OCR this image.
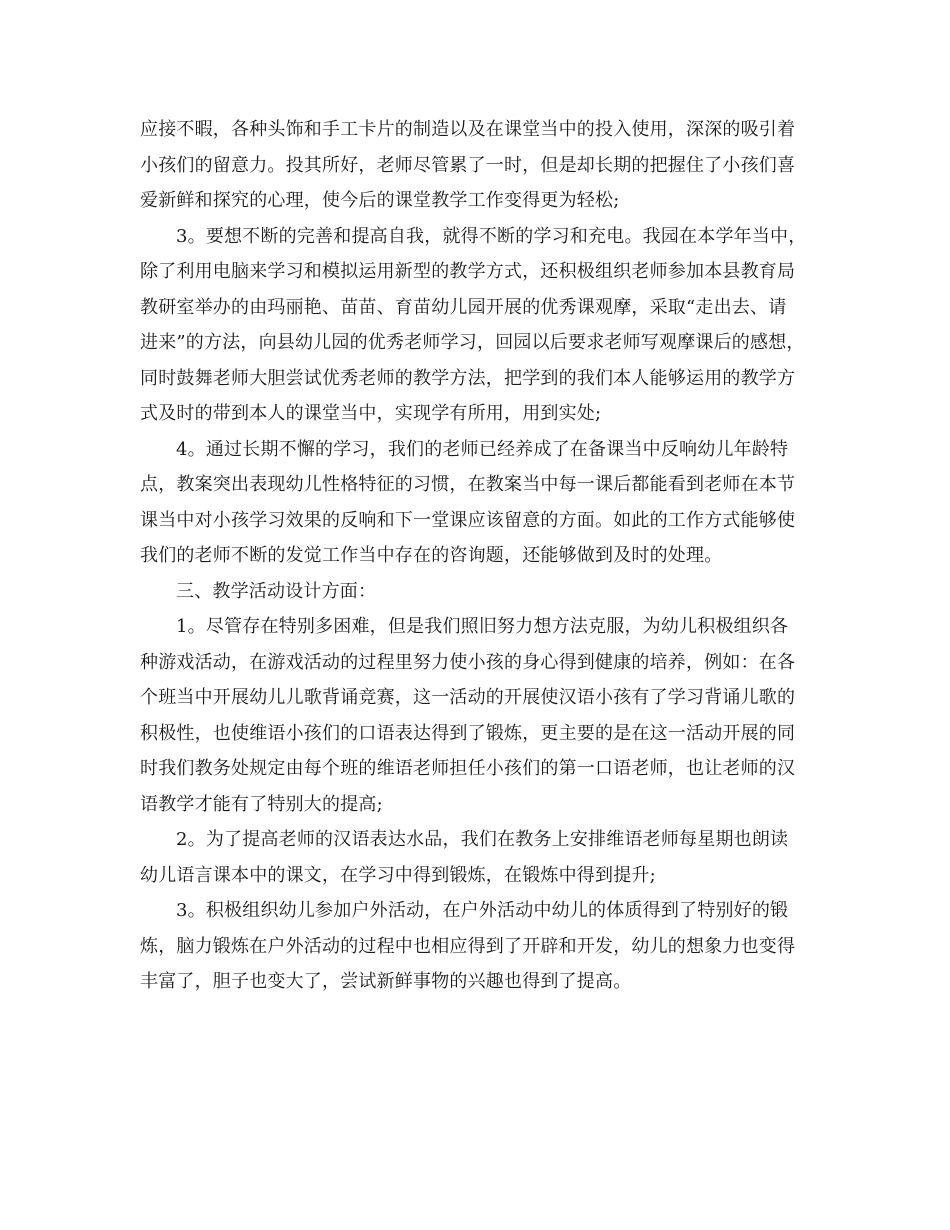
应接不暇，各种头饰和手工卡片的制造以及在课堂当中的投入使用，深深的吸引着
小孩们的留意力。投其所好，老师尽管累了一时，但是却长期的把握住了小孩们喜
爱新鲜和探究的心理，使今后的课堂教学工作变得更为轻松;
3。要想不断的完善和提高自我，就得不断的学习和充电。我园在本学年当中，
除了利用电脑来学习和模拟运用新型的教学方式，还积极组织老师参加本县教育局
教研室举办的由玛丽艳、苗苗、育苗幼儿园开展的优秀课观摩，采取“走出去、请
进来”的方法，向县幼儿园的优秀老师学习，回园以后要求老师写观摩课后的感想，
同时鼓舞老师大胆尝试优秀老师的教学方法，把学到的我们本人能够运用的教学方
式及时的带到本人的课堂当中，实现学有所用，用到实处;
4。通过长期不懈的学习，我们的老师已经养成了在备课当中反响幼儿年龄特
点，教案突出表现幼儿性格特征的习惯，在教案当中每一课后都能看到老师在本节
课当中对小孩学习效果的反响和下一堂课应该留意的方面。如此的工作方式能够使
我们的老师不断的发觉工作当中存在的咨询题，还能够做到及时的处理。
三、教学活动设计方面：
1。尽管存在特别多困难，但是我们照旧努力想方法克服，为幼儿积极组织各
种游戏活动，在游戏活动的过程里努力使小孩的身心得到健康的培养，例如：在各
个班当中开展幼儿儿歌背诵竞赛，这一活动的开展使汉语小孩有了学习背诵儿歌的
积极性，也使维语小孩们的口语表达得到了锻炼，更主要的是在这一活动开展的同
时我们教务处规定由每个班的维语老师担任小孩们的第一口语老师，也让老师的汉
语教学才能有了特别大的提高;
2。为了提高老师的汉语表达水品，我们在教务上安排维语老师每星期也朗读
幼儿语言课本中的课文，在学习中得到锻炼，在锻炼中得到提升;
3。积极组织幼儿参加户外活动，在户外活动中幼儿的体质得到了特别好的锻
炼，脑力锻炼在户外活动的过程中也相应得到了开辟和开发，幼儿的想象力也变得
丰富了，胆子也变大了，尝试新鲜事物的兴趣也得到了提高。
